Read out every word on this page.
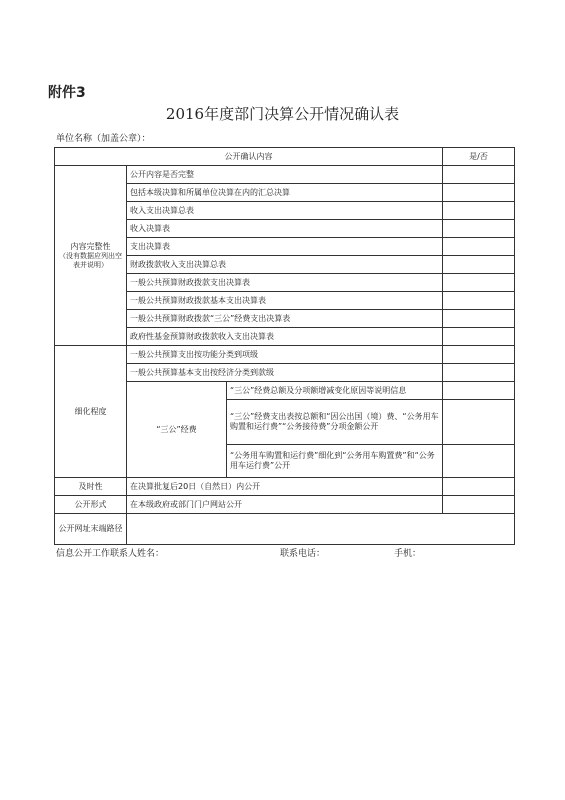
附件3
2016年度部门决算公开情况确认表
单位名称（加盖公章）：
公开确认内容			是/否
内容完整性
（没有数据应列出空表并说明）	公开内容是否完整		
	包括本级决算和所属单位决算在内的汇总决算		
	收入支出决算总表		
	收入决算表		
	支出决算表		
	财政拨款收入支出决算总表		
	一般公共预算财政拨款支出决算表		
	一般公共预算财政拨款基本支出决算表		
	一般公共预算财政拨款“三公”经费支出决算表		
	政府性基金预算财政拨款收入支出决算表		
细化程度	一般公共预算支出按功能分类到项级		
	一般公共预算基本支出按经济分类到款级		
	“三公”经费	“三公”经费总额及分项额增减变化原因等说明信息	
		“三公”经费支出表按总额和“因公出国（境）费、“公务用车购置和运行费”“公务接待费”分项金额公开	
		“公务用车购置和运行费”细化到“公务用车购置费”和“公务用车运行费”公开	
及时性	在决算批复后20日（自然日）内公开		
公开形式	在本级政府或部门门户网站公开		
公开网址末端路径			
信息公开工作联系人姓名：	联系电话：	手机：
